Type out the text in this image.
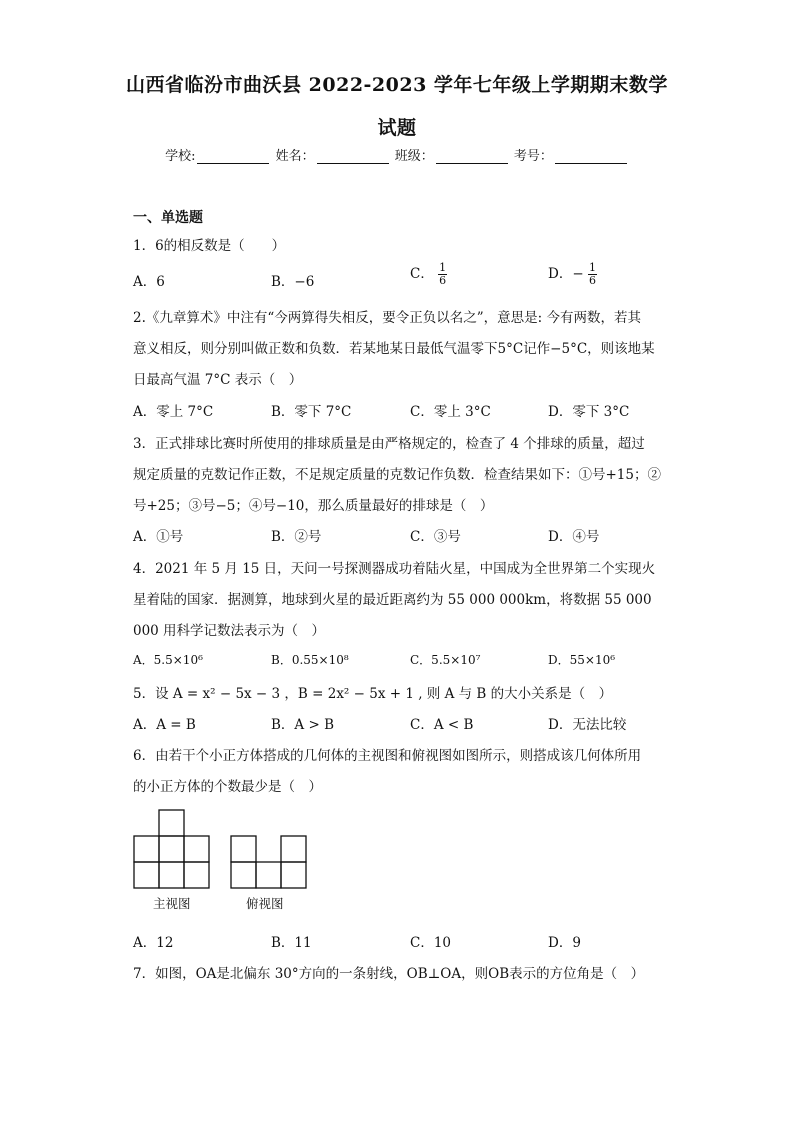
山西省临汾市曲沃县 2022-2023 学年七年级上学期期末数学
试题
学校:	姓名：	班级：	考号：
一、单选题
1．6的相反数是（　　）
A．6	B．−6	C． $\frac{1}{6}$	D．− $\frac{1}{6}$
2.《九章算术》中注有“今两算得失相反，要令正负以名之”，意思是: 今有两数，若其
意义相反，则分别叫做正数和负数．若某地某日最低气温零下5°C记作−5°C，则该地某
日最高气温 7°C 表示（　）
A．零上 7°C	B．零下 7°C	C．零上 3°C	D．零下 3°C
3．正式排球比赛时所使用的排球质量是由严格规定的，检查了 4 个排球的质量，超过
规定质量的克数记作正数，不足规定质量的克数记作负数．检查结果如下：①号+15；②
号+25；③号−5；④号−10，那么质量最好的排球是（　）
A．①号	B．②号	C．③号	D．④号
4．2021 年 5 月 15 日，天问一号探测器成功着陆火星，中国成为全世界第二个实现火
星着陆的国家．据测算，地球到火星的最近距离约为 55 000 000km，将数据 55 000
000 用科学记数法表示为（　）
A．5.5×10⁶	B．0.55×10⁸	C．5.5×10⁷	D．55×10⁶
5．设 A = x² − 5x − 3 ，B = 2x² − 5x + 1 , 则 A 与 B 的大小关系是（　）
A．A = B	B．A > B	C．A < B	D．无法比较
6．由若干个小正方体搭成的几何体的主视图和俯视图如图所示，则搭成该几何体所用
的小正方体的个数最少是（　）
主视图	俯视图
A．12	B．11	C．10	D．9
7．如图，OA是北偏东 30°方向的一条射线，OB⊥OA，则OB表示的方位角是（　）
